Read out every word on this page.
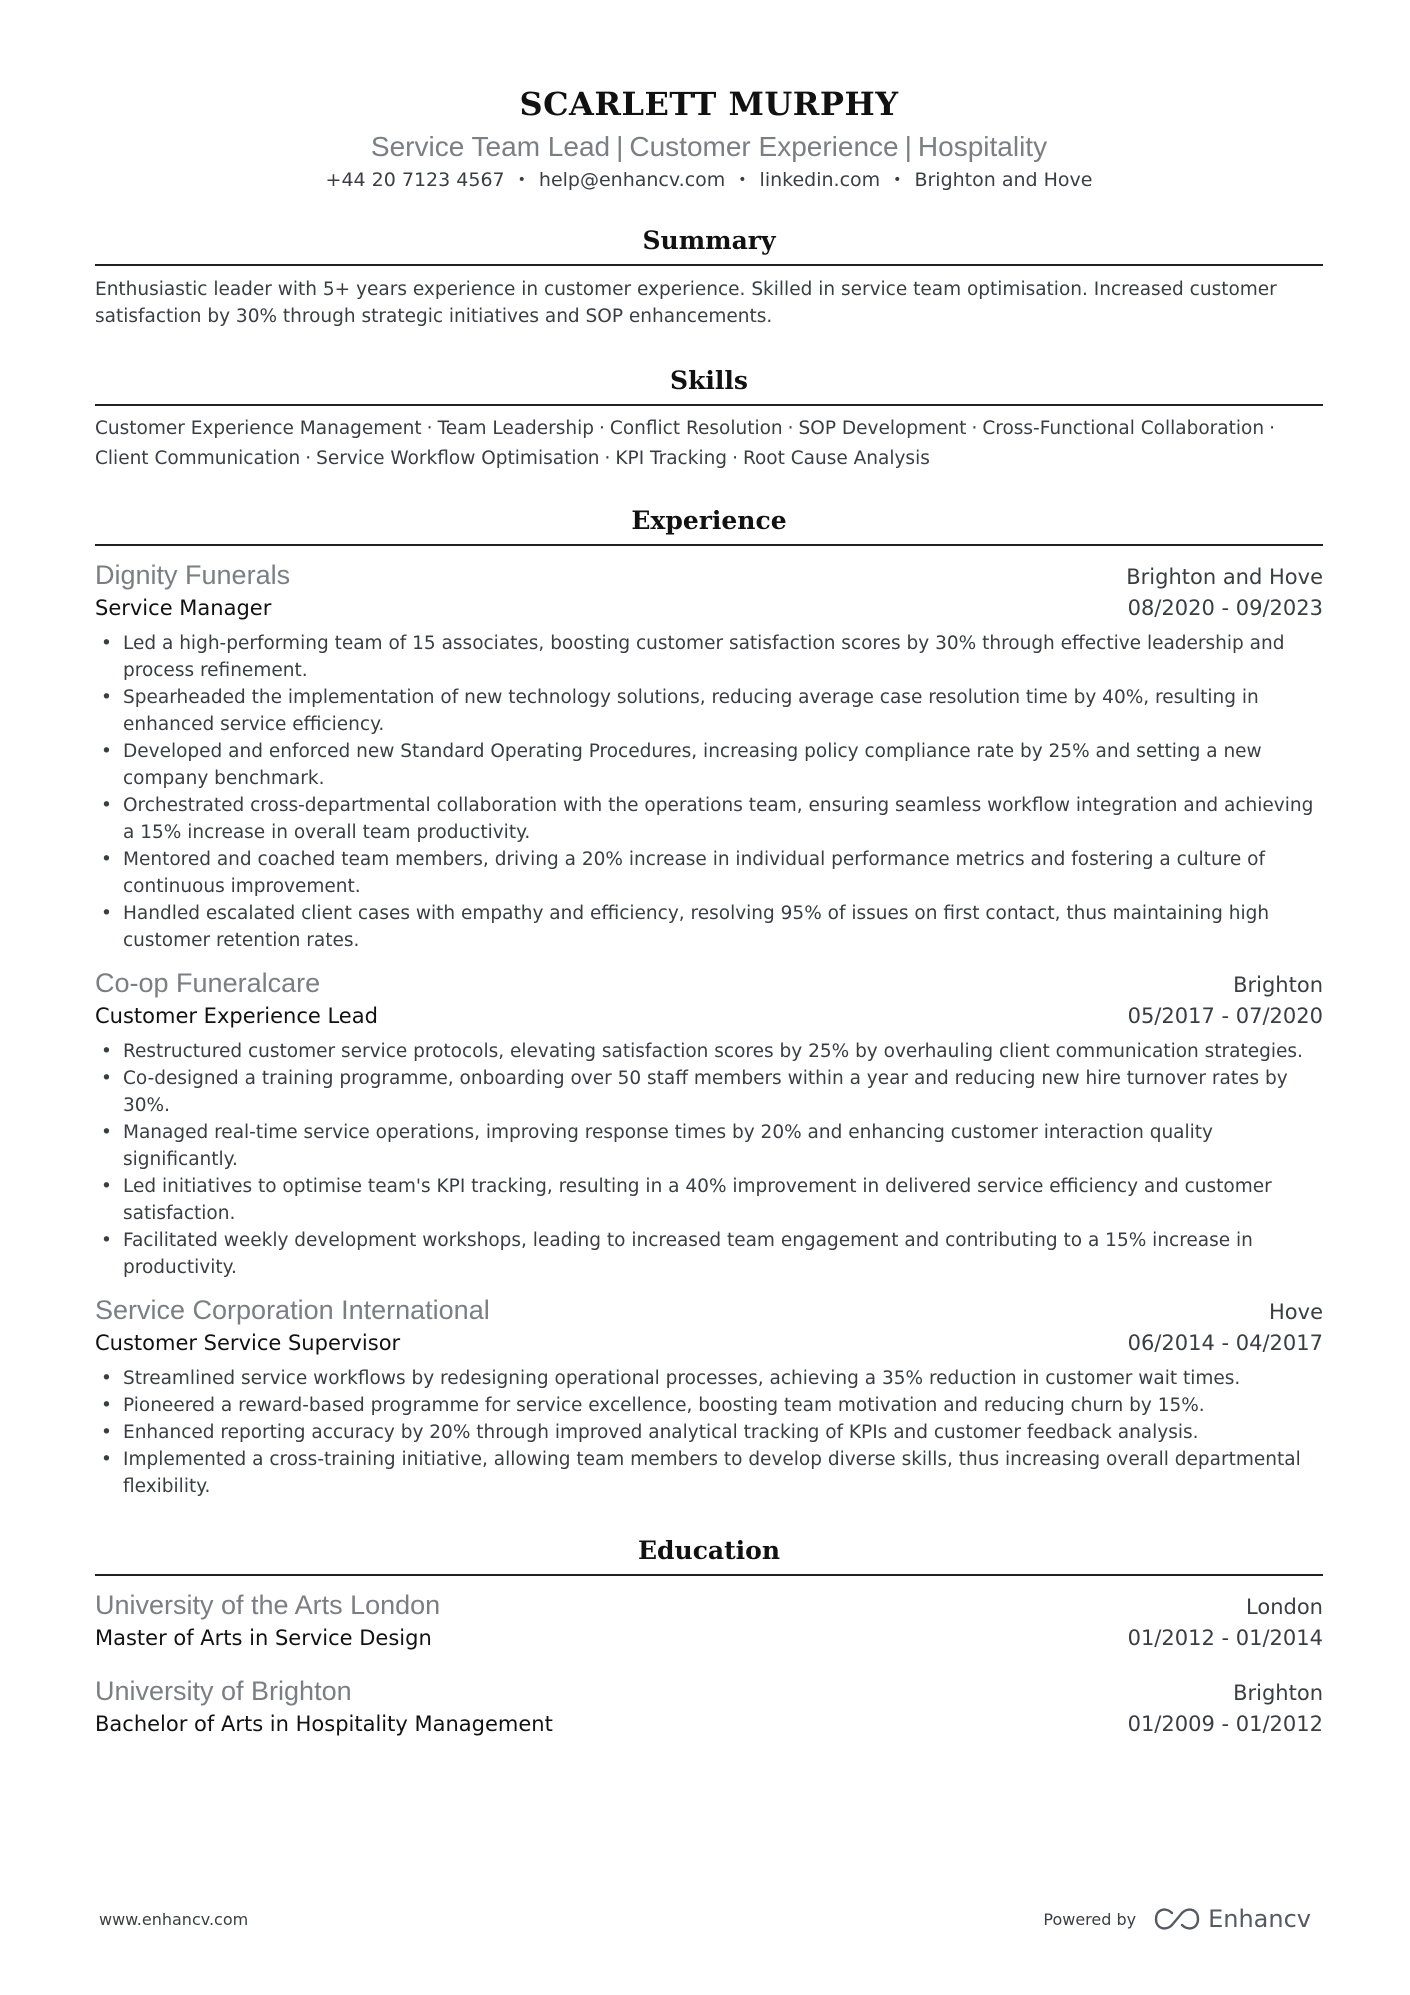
SCARLETT MURPHY
Service Team Lead | Customer Experience | Hospitality
+44 20 7123 4567 • help@enhancv.com • linkedin.com • Brighton and Hove
Summary

Enthusiastic leader with 5+ years experience in customer experience. Skilled in service team optimisation. Increased customer satisfaction by 30% through strategic initiatives and SOP enhancements.

Skills
Customer Experience Management · Team Leadership · Conflict Resolution · SOP Development · Cross-Functional Collaboration ·
Client Communication · Service Workflow Optimisation · KPI Tracking · Root Cause Analysis
Experience
Dignity Funerals	Brighton and Hove
Service Manager	08/2020 - 09/2023
• Led a high-performing team of 15 associates, boosting customer satisfaction scores by 30% through effective leadership and process refinement.
• Spearheaded the implementation of new technology solutions, reducing average case resolution time by 40%, resulting in enhanced service efficiency.
• Developed and enforced new Standard Operating Procedures, increasing policy compliance rate by 25% and setting a new company benchmark.
• Orchestrated cross-departmental collaboration with the operations team, ensuring seamless workflow integration and achieving a 15% increase in overall team productivity.
• Mentored and coached team members, driving a 20% increase in individual performance metrics and fostering a culture of continuous improvement.
• Handled escalated client cases with empathy and efficiency, resolving 95% of issues on first contact, thus maintaining high customer retention rates.
Co-op Funeralcare	Brighton
Customer Experience Lead	05/2017 - 07/2020
• Restructured customer service protocols, elevating satisfaction scores by 25% by overhauling client communication strategies.
• Co-designed a training programme, onboarding over 50 staff members within a year and reducing new hire turnover rates by 30%.
• Managed real-time service operations, improving response times by 20% and enhancing customer interaction quality significantly.
• Led initiatives to optimise team's KPI tracking, resulting in a 40% improvement in delivered service efficiency and customer satisfaction.
• Facilitated weekly development workshops, leading to increased team engagement and contributing to a 15% increase in productivity.
Service Corporation International	Hove
Customer Service Supervisor	06/2014 - 04/2017
• Streamlined service workflows by redesigning operational processes, achieving a 35% reduction in customer wait times.
• Pioneered a reward-based programme for service excellence, boosting team motivation and reducing churn by 15%.
• Enhanced reporting accuracy by 20% through improved analytical tracking of KPIs and customer feedback analysis.
• Implemented a cross-training initiative, allowing team members to develop diverse skills, thus increasing overall departmental flexibility.
Education
University of the Arts London	London
Master of Arts in Service Design	01/2012 - 01/2014
University of Brighton	Brighton
Bachelor of Arts in Hospitality Management	01/2009 - 01/2012
www.enhancv.com	Powered by	Enhancv
